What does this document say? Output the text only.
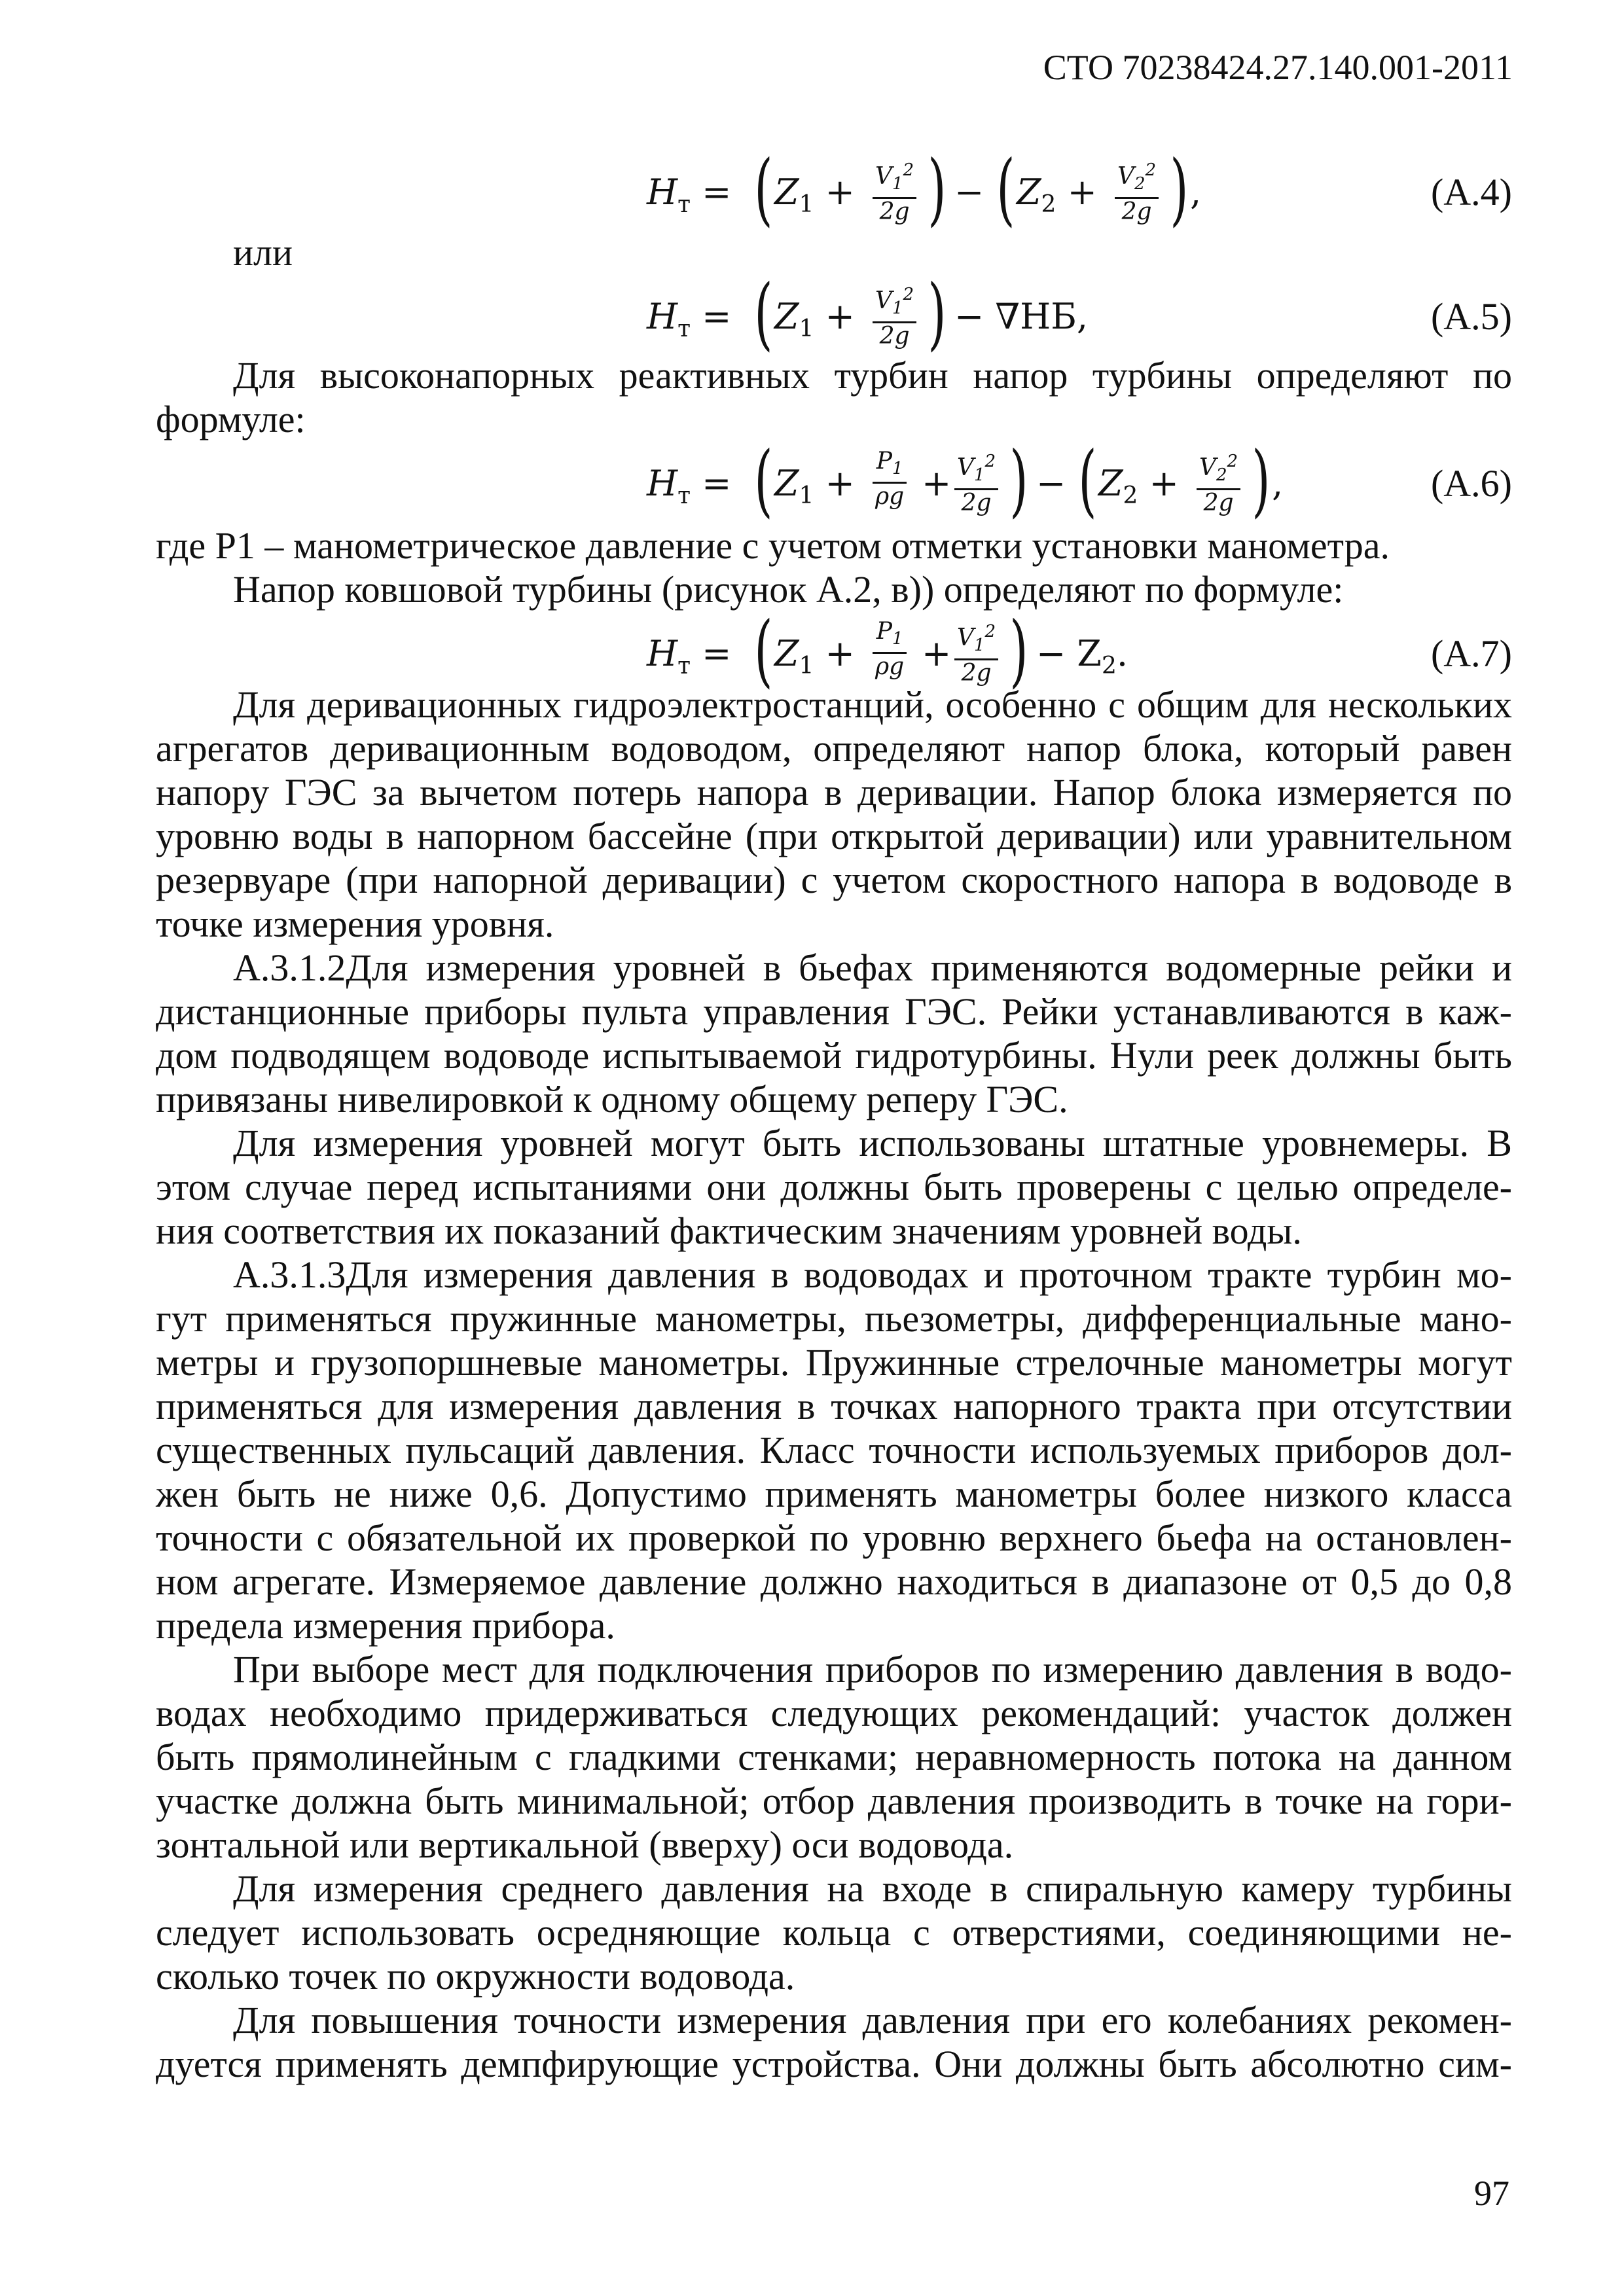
СТО 70238424.27.140.001-2011
$H_т$ = ( $Z_1 + \frac{V_1^2}{2g}$ ) − ( $Z_2 + \frac{V_2^2}{2g}$ ) ,	(А.4)
или
$H_т$ = ( $Z_1 + \frac{V_1^2}{2g}$ ) − ∇НБ,	(А.5)
Для высоконапорных реактивных турбин напор турбины определяют по
формуле:
$H_т$ = ( $Z_1 + \frac{P_1}{\rho g} + \frac{V_1^2}{2g}$ ) − ( $Z_2 + \frac{V_2^2}{2g}$ ) ,	(А.6)
где P1 – манометрическое давление с учетом отметки установки манометра.
Напор ковшовой турбины (рисунок А.2, в)) определяют по формуле:
$H_т$ = ( $Z_1 + \frac{P_1}{\rho g} + \frac{V_1^2}{2g}$ ) − $Z_2$.	(А.7)
Для деривационных гидроэлектростанций, особенно с общим для нескольких
агрегатов деривационным водоводом, определяют напор блока, который равен
напору ГЭС за вычетом потерь напора в деривации. Напор блока измеряется по
уровню воды в напорном бассейне (при открытой деривации) или уравнительном
резервуаре (при напорной деривации) с учетом скоростного напора в водоводе в
точке измерения уровня.
А.3.1.2Для измерения уровней в бьефах применяются водомерные рейки и
дистанционные приборы пульта управления ГЭС. Рейки устанавливаются в каж-
дом подводящем водоводе испытываемой гидротурбины. Нули реек должны быть
привязаны нивелировкой к одному общему реперу ГЭС.
Для измерения уровней могут быть использованы штатные уровнемеры. В
этом случае перед испытаниями они должны быть проверены с целью определе-
ния соответствия их показаний фактическим значениям уровней воды.
А.3.1.3Для измерения давления в водоводах и проточном тракте турбин мо-
гут применяться пружинные манометры, пьезометры, дифференциальные мано-
метры и грузопоршневые манометры. Пружинные стрелочные манометры могут
применяться для измерения давления в точках напорного тракта при отсутствии
существенных пульсаций давления. Класс точности используемых приборов дол-
жен быть не ниже 0,6. Допустимо применять манометры более низкого класса
точности с обязательной их проверкой по уровню верхнего бьефа на остановлен-
ном агрегате. Измеряемое давление должно находиться в диапазоне от 0,5 до 0,8
предела измерения прибора.
При выборе мест для подключения приборов по измерению давления в водо-
водах необходимо придерживаться следующих рекомендаций: участок должен
быть прямолинейным с гладкими стенками; неравномерность потока на данном
участке должна быть минимальной; отбор давления производить в точке на гори-
зонтальной или вертикальной (вверху) оси водовода.
Для измерения среднего давления на входе в спиральную камеру турбины
следует использовать осредняющие кольца с отверстиями, соединяющими не-
сколько точек по окружности водовода.
Для повышения точности измерения давления при его колебаниях рекомен-
дуется применять демпфирующие устройства. Они должны быть абсолютно сим-
97
